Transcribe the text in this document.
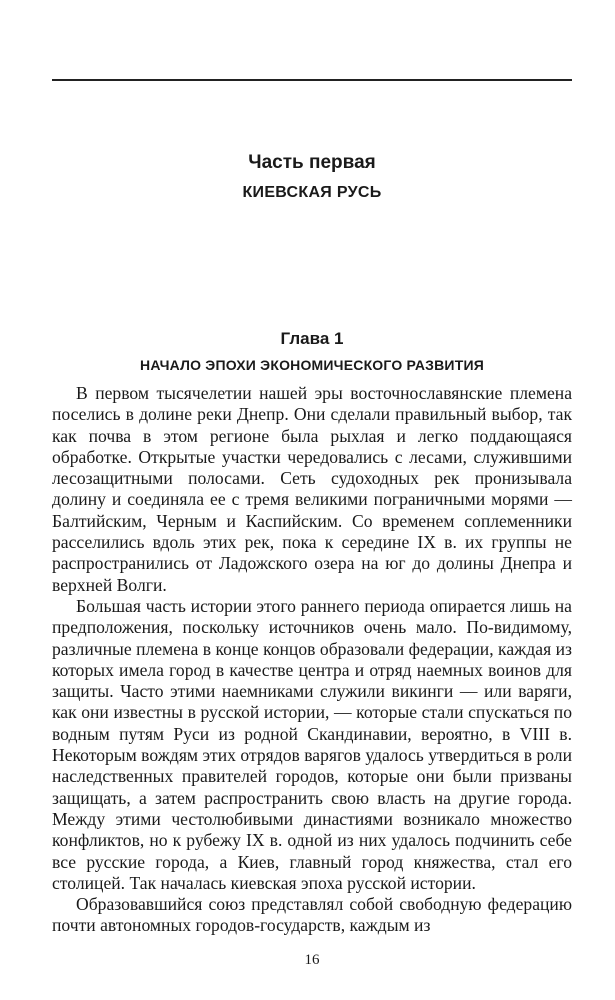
Часть первая
КИЕВСКАЯ РУСЬ
Глава 1
НАЧАЛО ЭПОХИ ЭКОНОМИЧЕСКОГО РАЗВИТИЯ

В первом тысячелетии нашей эры восточнославянские племена поселись в долине реки Днепр. Они сделали правильный выбор, так как почва в этом регионе была рыхлая и легко поддающаяся обработке. Открытые участки чередовались с лесами, служившими лесозащитными полосами. Сеть судоходных рек пронизывала долину и соединяла ее с тремя великими пограничными морями — Балтийским, Черным и Каспийским. Со временем соплеменники расселились вдоль этих рек, пока к середине IX в. их группы не распространились от Ладожского озера на юг до долины Днепра и верхней Волги.

Большая часть истории этого раннего периода опирается лишь на предположения, поскольку источников очень мало. По-видимому, различные племена в конце концов образовали федерации, каждая из которых имела город в качестве центра и отряд наемных воинов для защиты. Часто этими наемниками служили викинги — или варяги, как они известны в русской истории, — которые стали спускаться по водным путям Руси из родной Скандинавии, вероятно, в VIII в. Некоторым вождям этих отрядов варягов удалось утвердиться в роли наследственных правителей городов, которые они были призваны защищать, а затем распространить свою власть на другие города. Между этими честолюбивыми династиями возникало множество конфликтов, но к рубежу IX в. одной из них удалось подчинить себе все русские города, а Киев, главный город княжества, стал его столицей. Так началась киевская эпоха русской истории.

Образовавшийся союз представлял собой свободную федерацию почти автономных городов-государств, каждым из

16
